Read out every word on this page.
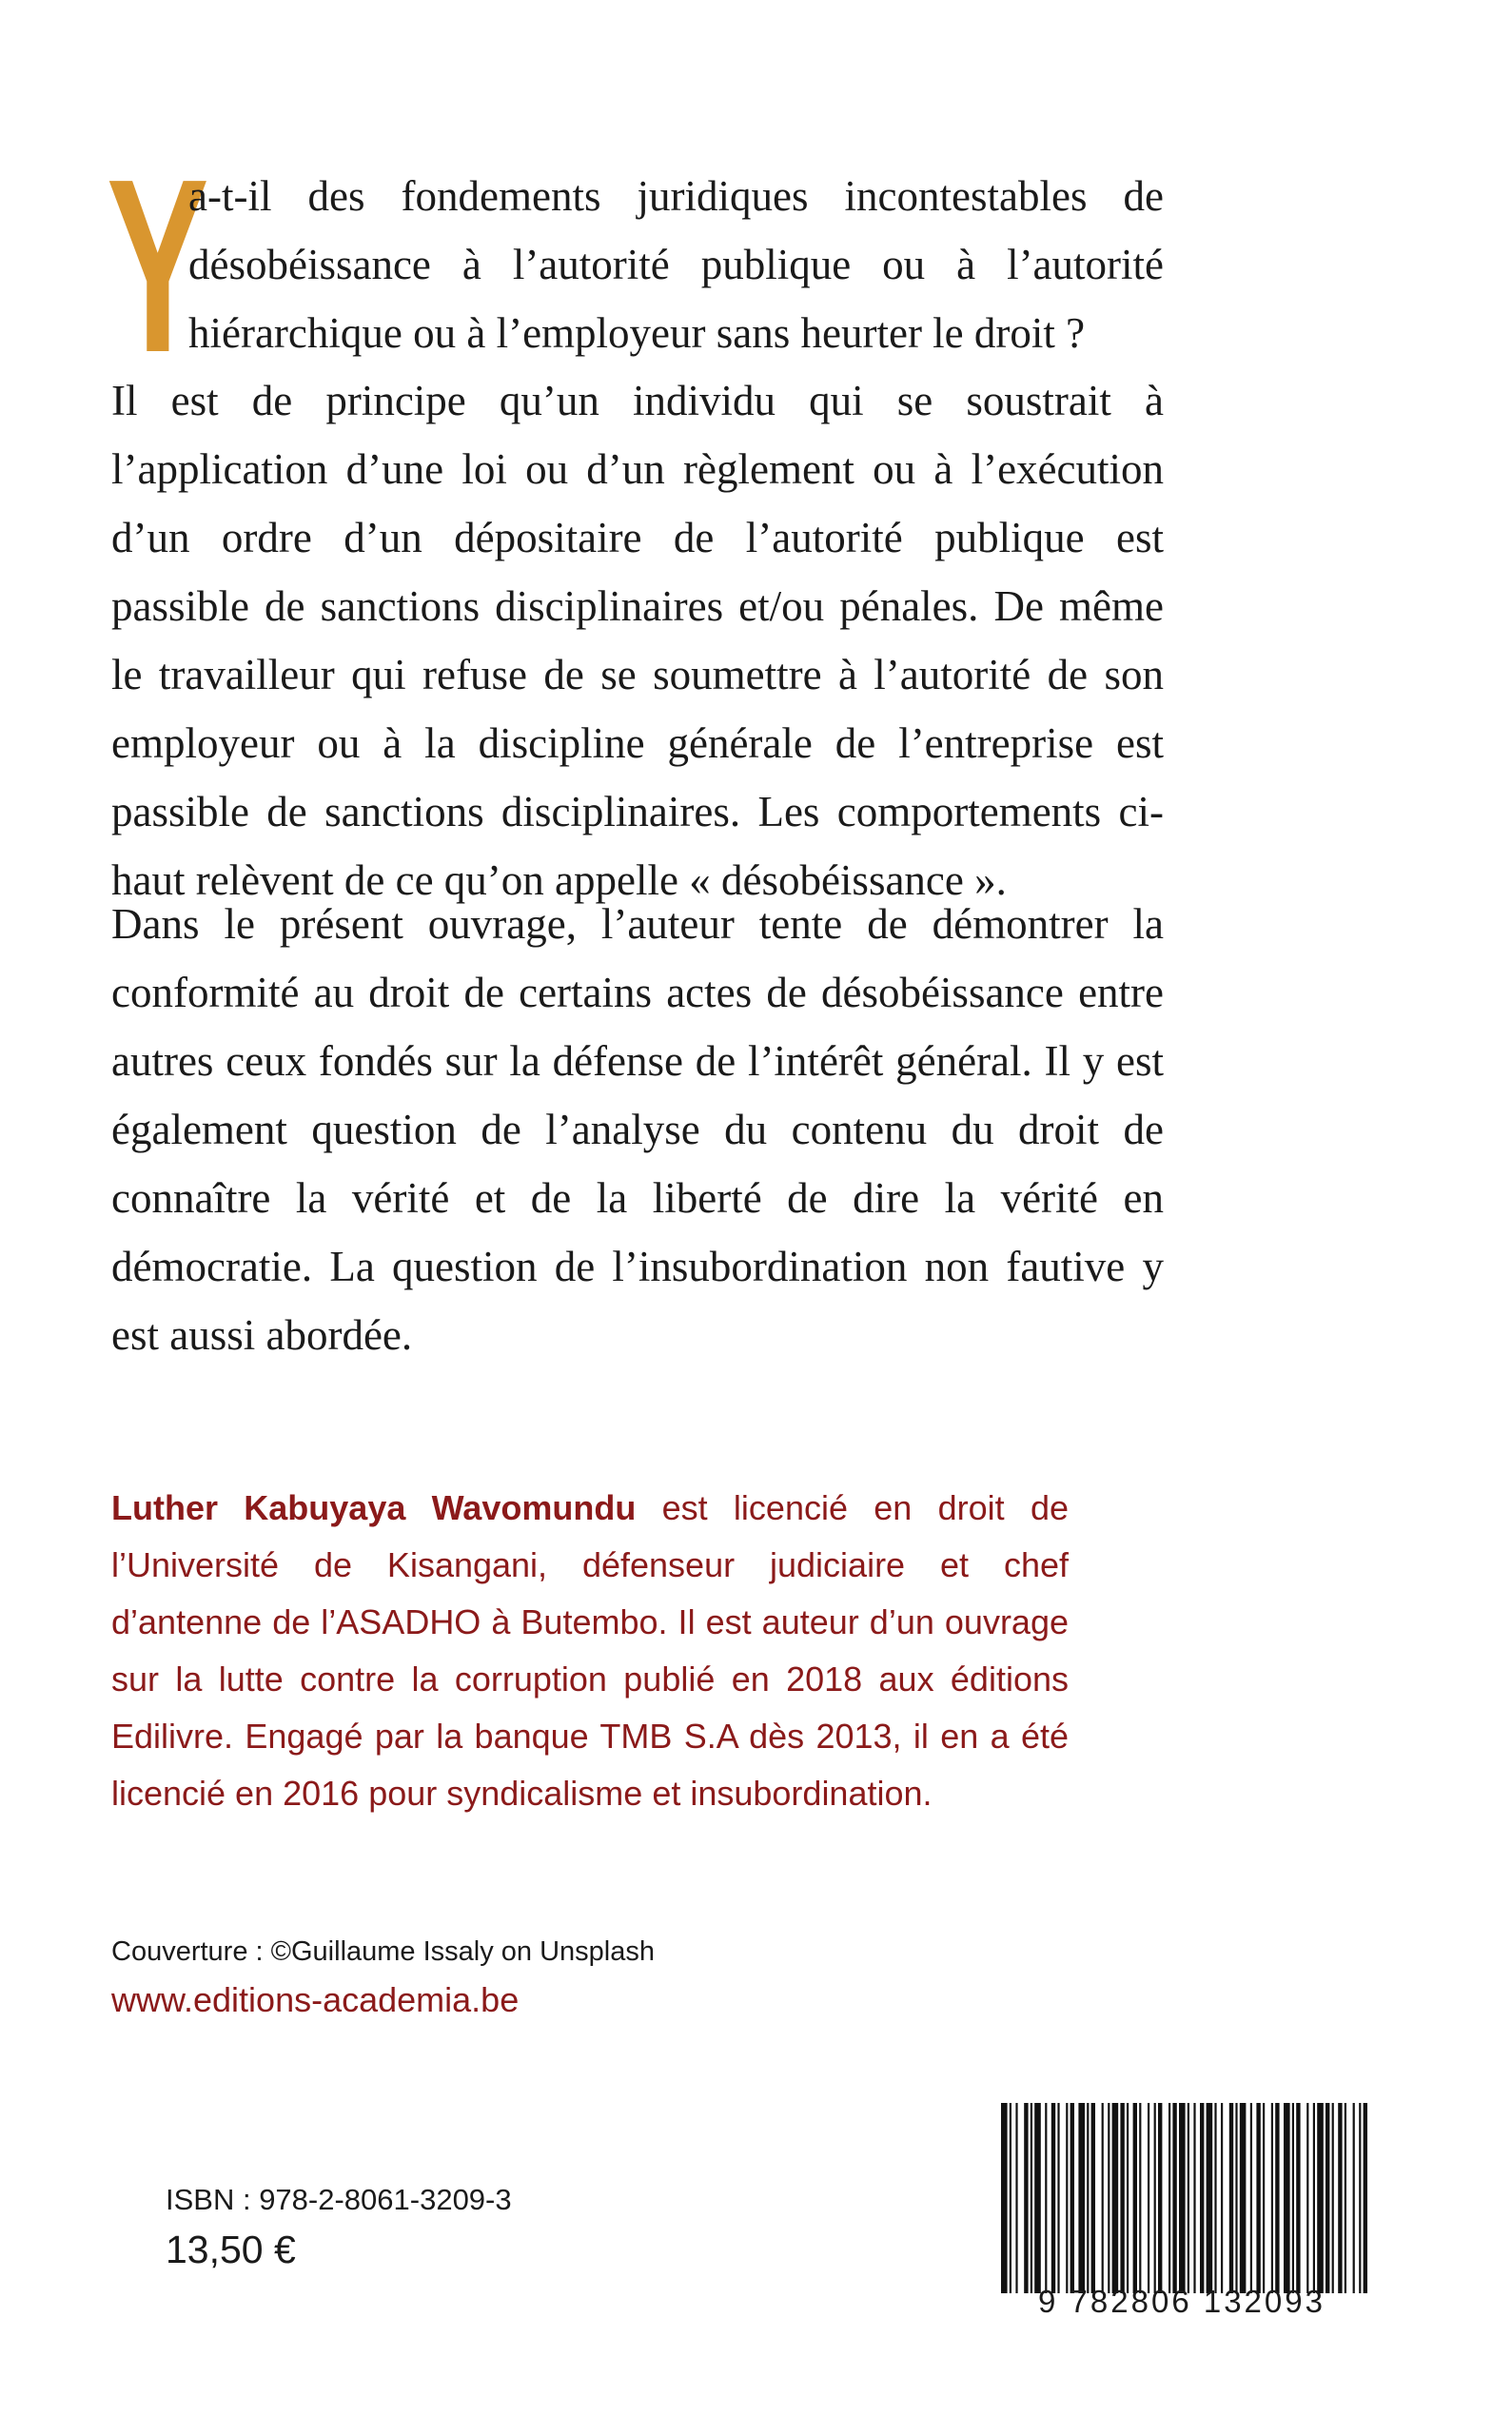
Y

a-t-il des fondements juridiques incontestables de désobéissance à l’autorité publique ou à l’autorité hiérarchique ou à l’employeur sans heurter le droit ?

Il est de principe qu’un individu qui se soustrait à l’application d’une loi ou d’un règlement ou à l’exécution d’un ordre d’un dépositaire de l’autorité publique est passible de sanctions disciplinaires et/ou pénales. De même le travailleur qui refuse de se soumettre à l’autorité de son employeur ou à la discipline générale de l’entreprise est passible de sanctions disciplinaires. Les comportements ci-haut relèvent de ce qu’on appelle « désobéissance ».

Dans le présent ouvrage, l’auteur tente de démontrer la conformité au droit de certains actes de désobéissance entre autres ceux fondés sur la défense de l’intérêt général. Il y est également question de l’analyse du contenu du droit de connaître la vérité et de la liberté de dire la vérité en démocratie. La question de l’insubordination non fautive y est aussi abordée.

Luther Kabuyaya Wavomundu est licencié en droit de l’Université de Kisangani, défenseur judiciaire et chef d’antenne de l’ASADHO à Butembo. Il est auteur d’un ouvrage sur la lutte contre la corruption publié en 2018 aux éditions Edilivre. Engagé par la banque TMB S.A dès 2013, il en a été licencié en 2016 pour syndicalisme et insubordination.

Couverture : ©Guillaume Issaly on Unsplash
www.editions-academia.be
ISBN : 978-2-8061-3209-3
13,50 €
9 782806 132093
